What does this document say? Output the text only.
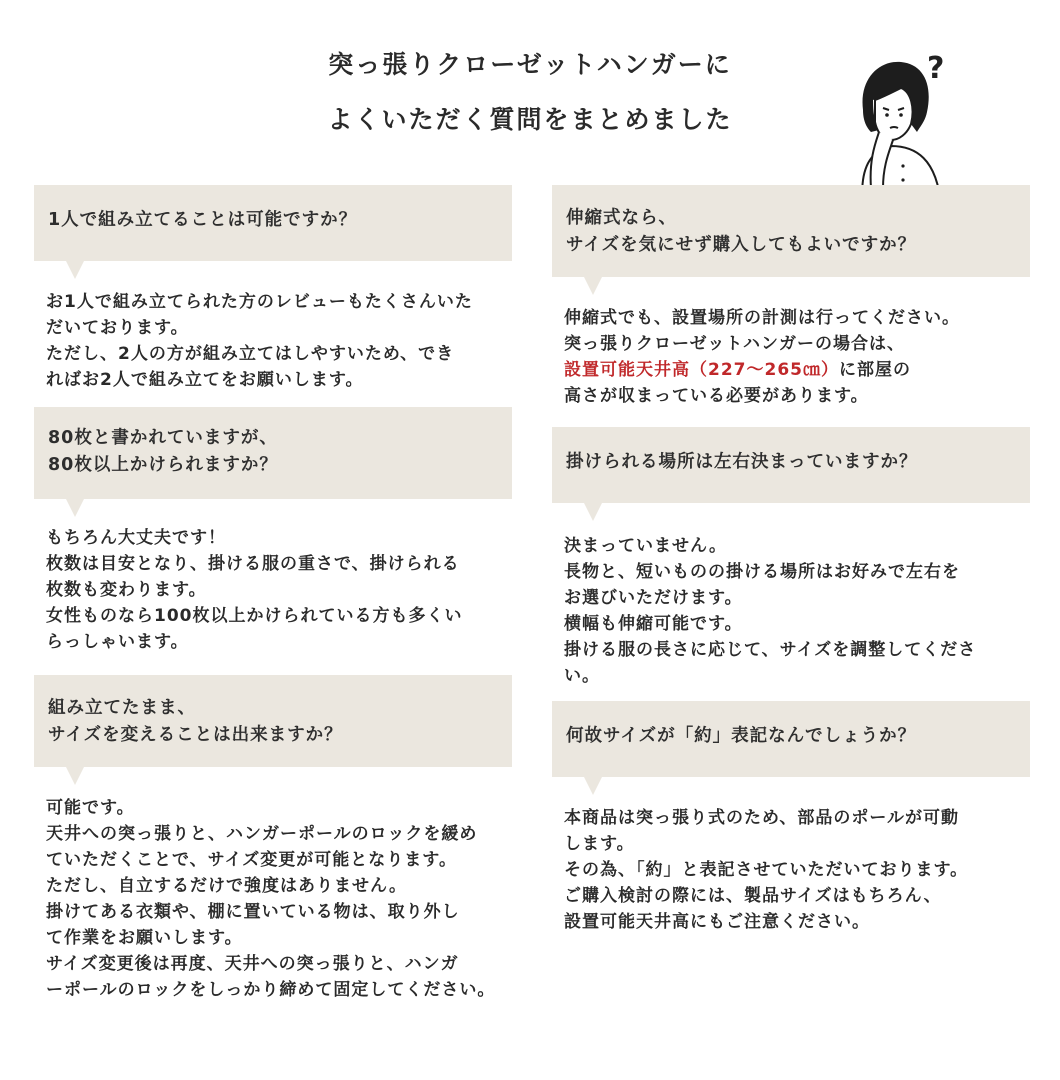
突っ張りクローゼットハンガーに
よくいただく質問をまとめました
?
1人で組み立てることは可能ですか？
お1人で組み立てられた方のレビューもたくさんいた
だいております。
ただし、2人の方が組み立てはしやすいため、でき
ればお2人で組み立てをお願いします。
80枚と書かれていますが、
80枚以上かけられますか？
もちろん大丈夫です！
枚数は目安となり、掛ける服の重さで、掛けられる
枚数も変わります。
女性ものなら100枚以上かけられている方も多くい
らっしゃいます。
組み立てたまま、
サイズを変えることは出来ますか？
可能です。
天井への突っ張りと、ハンガーポールのロックを緩め
ていただくことで、サイズ変更が可能となります。
ただし、自立するだけで強度はありません。
掛けてある衣類や、棚に置いている物は、取り外し
て作業をお願いします。
サイズ変更後は再度、天井への突っ張りと、ハンガ
ーポールのロックをしっかり締めて固定してください。
伸縮式なら、
サイズを気にせず購入してもよいですか？
伸縮式でも、設置場所の計測は行ってください。
突っ張りクローゼットハンガーの場合は、
設置可能天井高（227〜265㎝）に部屋の
高さが収まっている必要があります。
掛けられる場所は左右決まっていますか？
決まっていません。
長物と、短いものの掛ける場所はお好みで左右を
お選びいただけます。
横幅も伸縮可能です。
掛ける服の長さに応じて、サイズを調整してくださ
い。
何故サイズが「約」表記なんでしょうか？
本商品は突っ張り式のため、部品のポールが可動
します。
その為、「約」と表記させていただいております。
ご購入検討の際には、製品サイズはもちろん、
設置可能天井高にもご注意ください。
